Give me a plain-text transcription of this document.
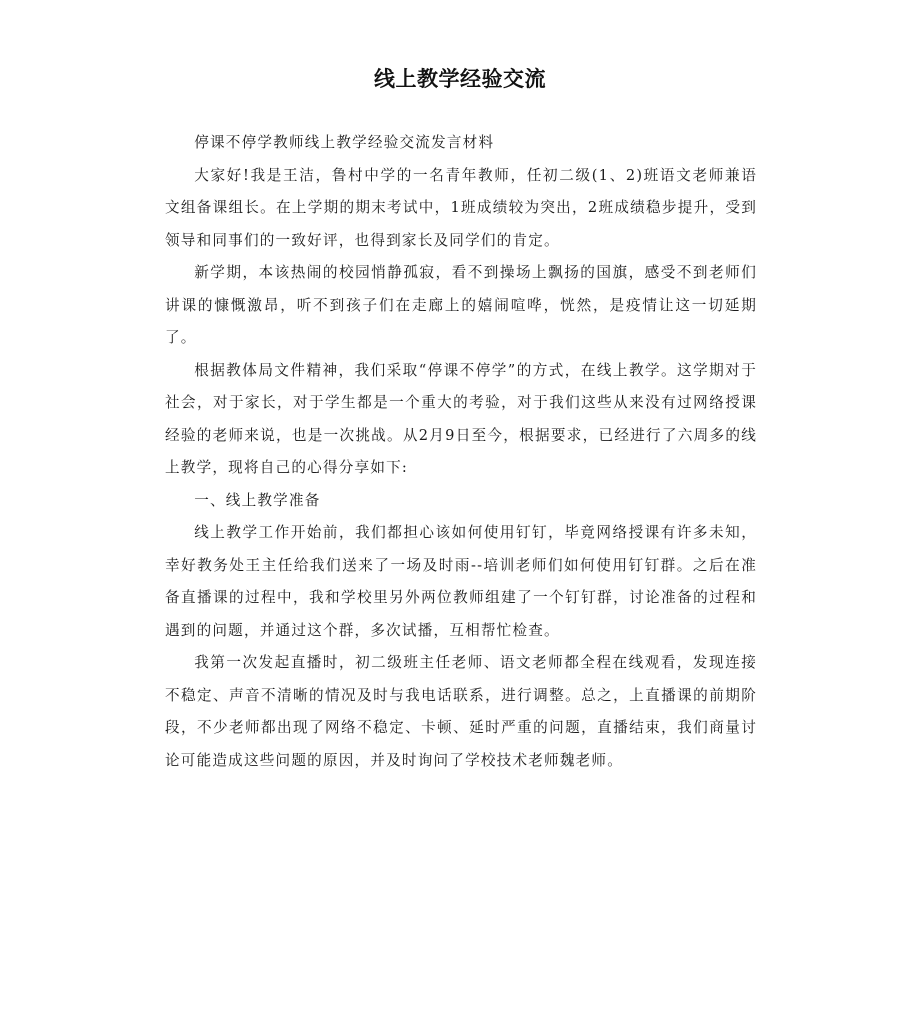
线上教学经验交流

停课不停学教师线上教学经验交流发言材料

大家好!我是王洁，鲁村中学的一名青年教师，任初二级(1、2)班语文老师兼语文组备课组长。在上学期的期末考试中，1班成绩较为突出，2班成绩稳步提升，受到领导和同事们的一致好评，也得到家长及同学们的肯定。

新学期，本该热闹的校园悄静孤寂，看不到操场上飘扬的国旗，感受不到老师们讲课的慷慨激昂，听不到孩子们在走廊上的嬉闹喧哗，恍然，是疫情让这一切延期了。

根据教体局文件精神，我们采取“停课不停学”的方式，在线上教学。这学期对于社会，对于家长，对于学生都是一个重大的考验，对于我们这些从来没有过网络授课经验的老师来说，也是一次挑战。从2月9日至今，根据要求，已经进行了六周多的线上教学，现将自己的心得分享如下:

一、线上教学准备

线上教学工作开始前，我们都担心该如何使用钉钉，毕竟网络授课有许多未知，幸好教务处王主任给我们送来了一场及时雨--培训老师们如何使用钉钉群。之后在准备直播课的过程中，我和学校里另外两位教师组建了一个钉钉群，讨论准备的过程和遇到的问题，并通过这个群，多次试播，互相帮忙检查。

我第一次发起直播时，初二级班主任老师、语文老师都全程在线观看，发现连接不稳定、声音不清晰的情况及时与我电话联系，进行调整。总之，上直播课的前期阶段，不少老师都出现了网络不稳定、卡顿、延时严重的问题，直播结束，我们商量讨论可能造成这些问题的原因，并及时询问了学校技术老师魏老师。
